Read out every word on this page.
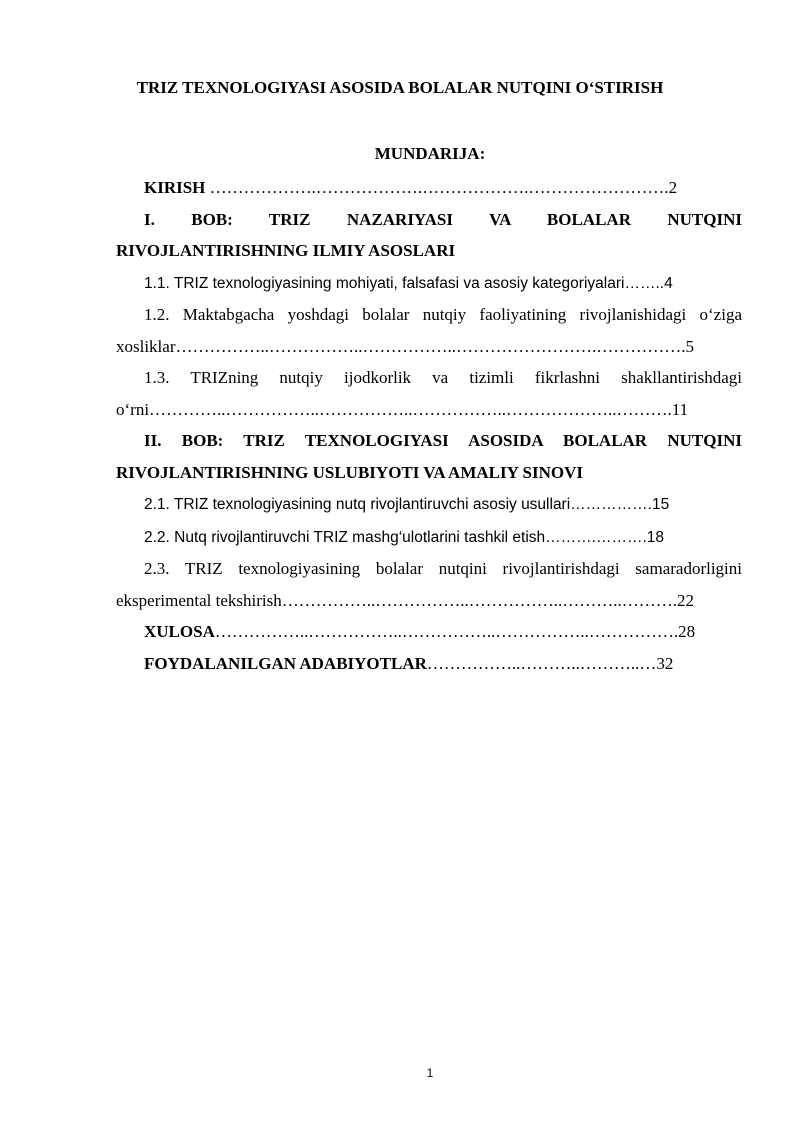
TRIZ TEXNOLOGIYASI ASOSIDA BOLALAR NUTQINI O‘STIRISH
MUNDARIJA:

KIRISH ……………….……………….……………….…………………….2

I. BOB: TRIZ NAZARIYASI VA BOLALAR NUTQINI RIVOJLANTIRISHNING ILMIY ASOSLARI

1.1. TRIZ texnologiyasining mohiyati, falsafasi va asosiy kategoriyalari……..4

1.2. Maktabgacha yoshdagi bolalar nutqiy faoliyatining rivojlanishidagi o‘ziga xosliklar……………..……………..……………..…………………….…………….5

1.3. TRIZning nutqiy ijodkorlik va tizimli fikrlashni shakllantirishdagi o‘rni…………..……………..……………..……………..………………..……….11

II. BOB: TRIZ TEXNOLOGIYASI ASOSIDA BOLALAR NUTQINI RIVOJLANTIRISHNING USLUBIYOTI VA AMALIY SINOVI

2.1. TRIZ texnologiyasining nutq rivojlantiruvchi asosiy usullari…………….15

2.2. Nutq rivojlantiruvchi TRIZ mashg‘ulotlarini tashkil etish……….……….18

2.3. TRIZ texnologiyasining bolalar nutqini rivojlantirishdagi samaradorligini eksperimental tekshirish……………..……………..……………..………..……….22

XULOSA……………..……………..……………..……………..…………….28

FOYDALANILGAN ADABIYOTLAR……………..………..………..…32

1
